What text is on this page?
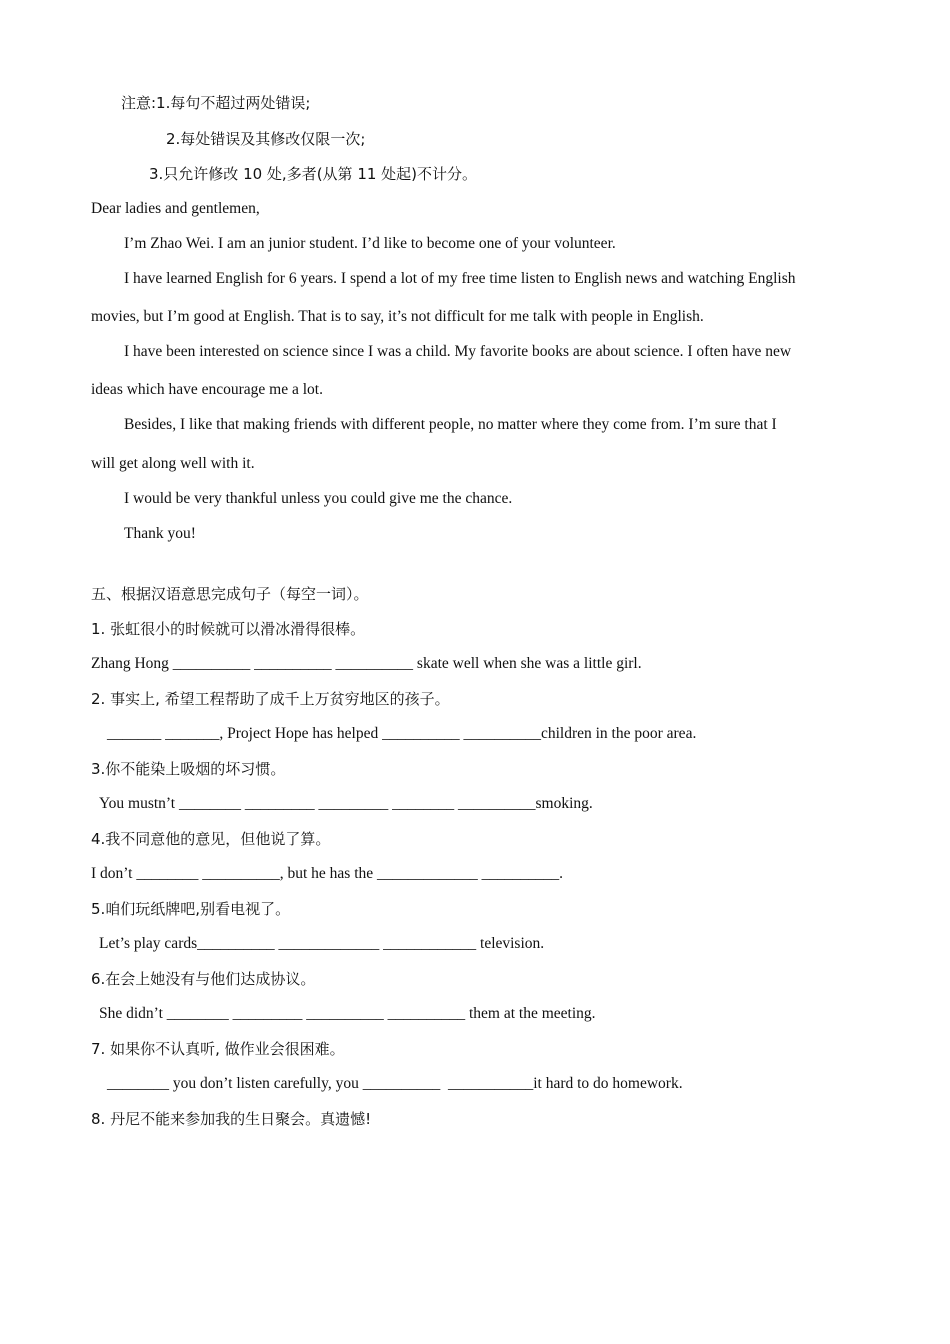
注意:1.每句不超过两处错误;
2.每处错误及其修改仅限一次;
3.只允许修改 10 处,多者(从第 11 处起)不计分。
Dear ladies and gentlemen,
I’m Zhao Wei. I am an junior student. I’d like to become one of your volunteer.
I have learned English for 6 years. I spend a lot of my free time listen to English news and watching English
movies, but I’m good at English. That is to say, it’s not difficult for me talk with people in English.
I have been interested on science since I was a child. My favorite books are about science. I often have new
ideas which have encourage me a lot.
Besides, I like that making friends with different people, no matter where they come from. I’m sure that I
will get along well with it.
I would be very thankful unless you could give me the chance.
Thank you!
五、根据汉语意思完成句子（每空一词）。
1. 张虹很小的时候就可以滑冰滑得很棒。
Zhang Hong __________ __________ __________ skate well when she was a little girl.
2. 事实上, 希望工程帮助了成千上万贫穷地区的孩子。
_______ _______, Project Hope has helped __________ __________children in the poor area.
3.你不能染上吸烟的坏习惯。
You mustn’t ________ _________ _________ ________ __________smoking.
4.我不同意他的意见，但他说了算。
I don’t ________ __________, but he has the _____________ __________.
5.咱们玩纸牌吧,别看电视了。
Let’s play cards__________ _____________ ____________ television.
6.在会上她没有与他们达成协议。
She didn’t ________ _________ __________ __________ them at the meeting.
7. 如果你不认真听, 做作业会很困难。
________ you don’t listen carefully, you __________  ___________it hard to do homework.
8. 丹尼不能来参加我的生日聚会。真遗憾!
